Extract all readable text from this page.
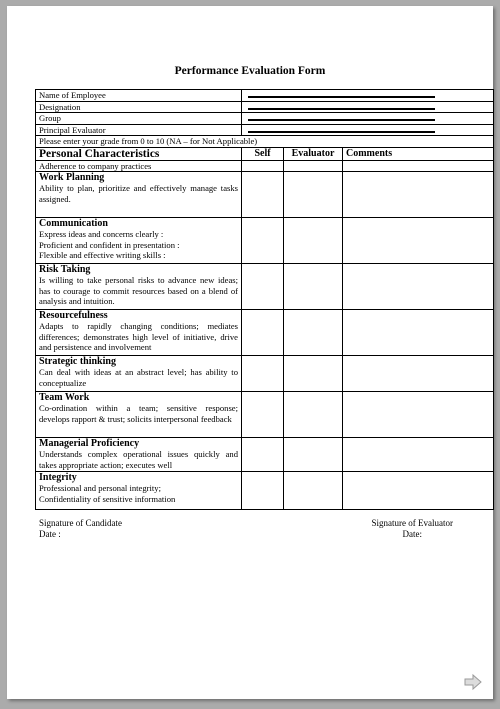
Performance Evaluation Form
Name of Employee			

Designation			

Group			

Principal Evaluator			

Please enter your grade from 0 to 10 (NA – for Not Applicable)			
Personal Characteristics	Self	Evaluator	Comments
Adherence to company practices			

Work Planning
Ability to plan, prioritize and effectively manage tasks assigned.			

Communication
Express ideas and concerns clearly :
Proficient and confident in presentation :
Flexible and effective writing skills :			

Risk Taking
Is willing to take personal risks to advance new ideas; has to courage to commit resources based on a blend of analysis and intuition.			

Resourcefulness
Adapts to rapidly changing conditions; mediates differences; demonstrates high level of initiative, drive and persistence and involvement			

Strategic thinking
Can deal with ideas at an abstract level; has ability to conceptualize			

Team Work
Co-ordination within a team; sensitive response; develops rapport & trust; solicits interpersonal feedback			

Managerial Proficiency
Understands complex operational issues quickly and takes appropriate action; executes well			

Integrity
Professional and personal integrity;
Confidentiality of sensitive information			

Signature of Candidate
Date :
Signature of Evaluator
Date:
